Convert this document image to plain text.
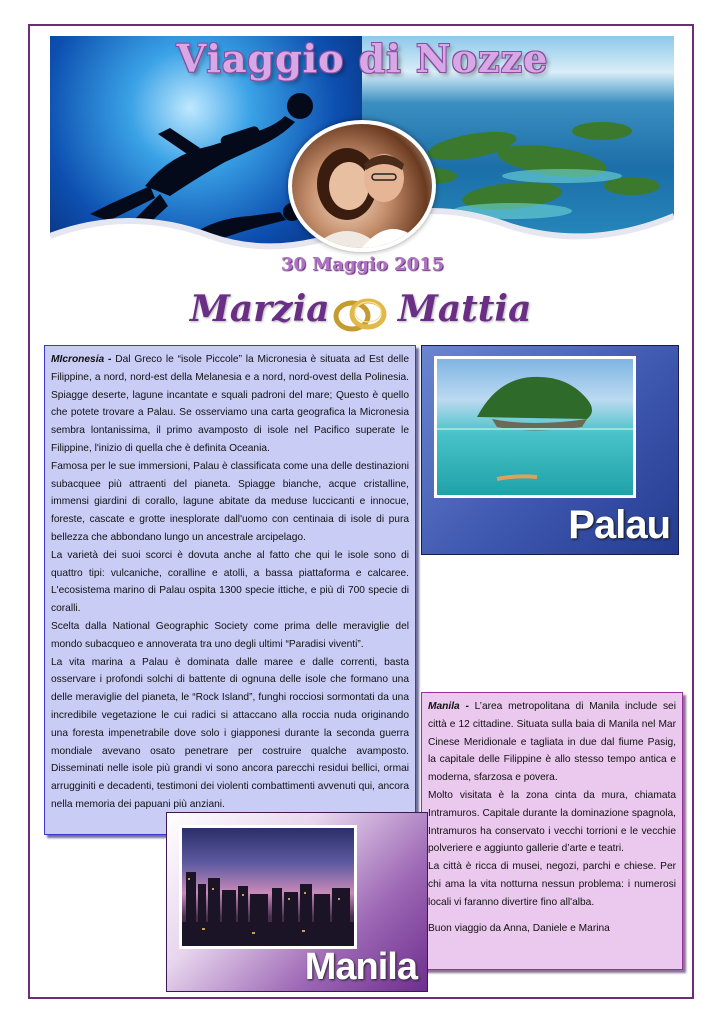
Viaggio di Nozze
30 Maggio 2015
Marzia Mattia

MIcronesia - Dal Greco le “isole Piccole” la Micronesia è situata ad Est delle Filippine, a nord, nord-est della Melanesia e a nord, nord-ovest della Polinesia. Spiagge deserte, lagune incantate e squali padroni del mare; Questo è quello che potete trovare a Palau. Se osserviamo una carta geografica la Micronesia sembra lontanissima, il primo avamposto di isole nel Pacifico superate le Filippine, l'inizio di quella che è definita Oceania.

Famosa per le sue immersioni, Palau è classificata come una delle destinazioni subacquee più attraenti del pianeta. Spiagge bianche, acque cristalline, immensi giardini di corallo, lagune abitate da meduse luccicanti e innocue, foreste, cascate e grotte inesplorate dall'uomo con centinaia di isole di pura bellezza che abbondano lungo un ancestrale arcipelago.

La varietà dei suoi scorci è dovuta anche al fatto che qui le isole sono di quattro tipi: vulcaniche, coralline e atolli, a bassa piattaforma e calcaree. L'ecosistema marino di Palau ospita 1300 specie ittiche, e più di 700 specie di coralli.

Scelta dalla National Geographic Society come prima delle meraviglie del mondo subacqueo e annoverata tra uno degli ultimi “Paradisi viventi”.

La vita marina a Palau è dominata dalle maree e dalle correnti, basta osservare i profondi solchi di battente di ognuna delle isole che formano una delle meraviglie del pianeta, le “Rock Island”, funghi rocciosi sormontati da una incredibile vegetazione le cui radici si attaccano alla roccia nuda originando una foresta impenetrabile dove solo i giapponesi durante la seconda guerra mondiale avevano osato penetrare per costruire qualche avamposto. Disseminati nelle isole più grandi vi sono ancora parecchi residui bellici, ormai arrugginiti e decadenti, testimoni dei violenti combattimenti avvenuti qui, ancora nella memoria dei papuani più anziani.

Palau

Manila - L’area metropolitana di Manila include sei città e 12 cittadine. Situata sulla baia di Manila nel Mar Cinese Meridionale e tagliata in due dal fiume Pasig, la capitale delle Filippine è allo stesso tempo antica e moderna, sfarzosa e povera.

Molto visitata è la zona cinta da mura, chiamata Intramuros. Capitale durante la dominazione spagnola, Intramuros ha conservato i vecchi torrioni e le vecchie polveriere e aggiunto gallerie d’arte e teatri.

La città è ricca di musei, negozi, parchi e chiese. Per chi ama la vita notturna nessun problema: i numerosi locali vi faranno divertire fino all'alba.

Buon viaggio da Anna, Daniele e Marina

Manila
